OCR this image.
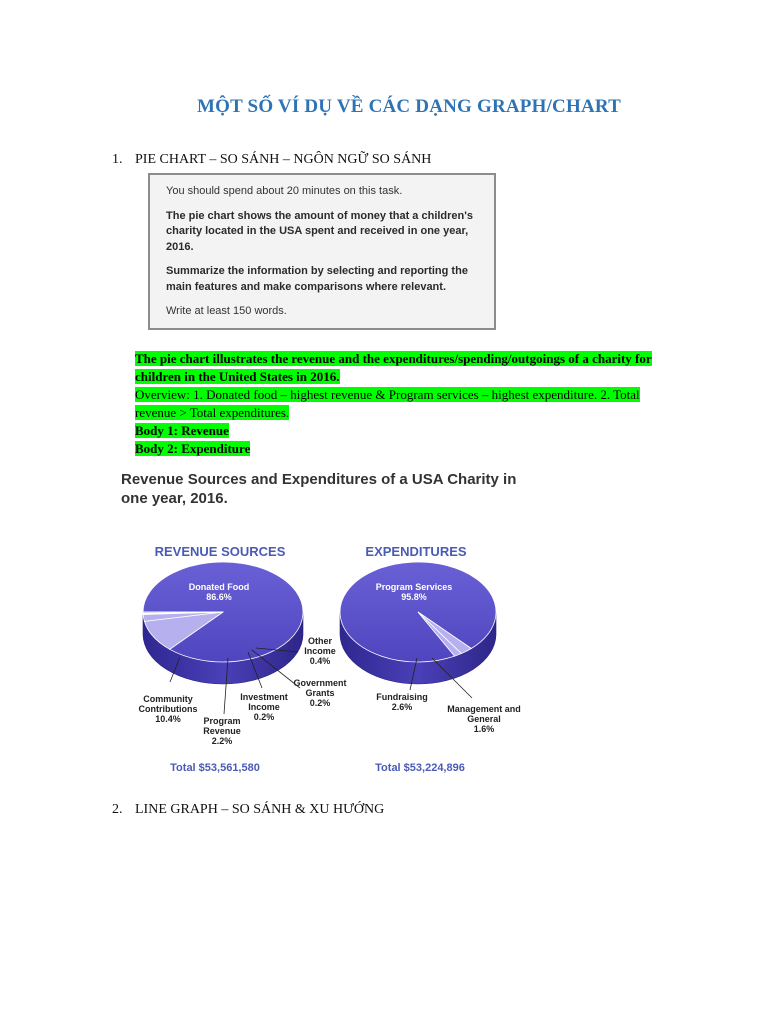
MỘT SỐ VÍ DỤ VỀ CÁC DẠNG GRAPH/CHART
1. PIE CHART – SO SÁNH – NGÔN NGỮ SO SÁNH

You should spend about 20 minutes on this task.

The pie chart shows the amount of money that a children's charity located in the USA spent and received in one year, 2016.

Summarize the information by selecting and reporting the main features and make comparisons where relevant.

Write at least 150 words.

The pie chart illustrates the revenue and the expenditures/spending/outgoings of a charity for children in the United States in 2016.
Overview: 1. Donated food – highest revenue & Program services – highest expenditure. 2. Total revenue > Total expenditures.
Body 1: Revenue
Body 2: Expenditure
Revenue Sources and Expenditures of a USA Charity in
REVENUE SOURCES
Donated Food 86.6%
Community Contributions 10.4%	Program Revenue 2.2%
Investment Income 0.2%
Government Grants 0.2%
Other Income 0.4%
Total $53,561,580
EXPENDITURES
Program Services 95.8%
Fundraising 2.6%	Management and General 1.6%
Total $53,224,896
one year, 2016.
2. LINE GRAPH – SO SÁNH & XU HƯỚNG
